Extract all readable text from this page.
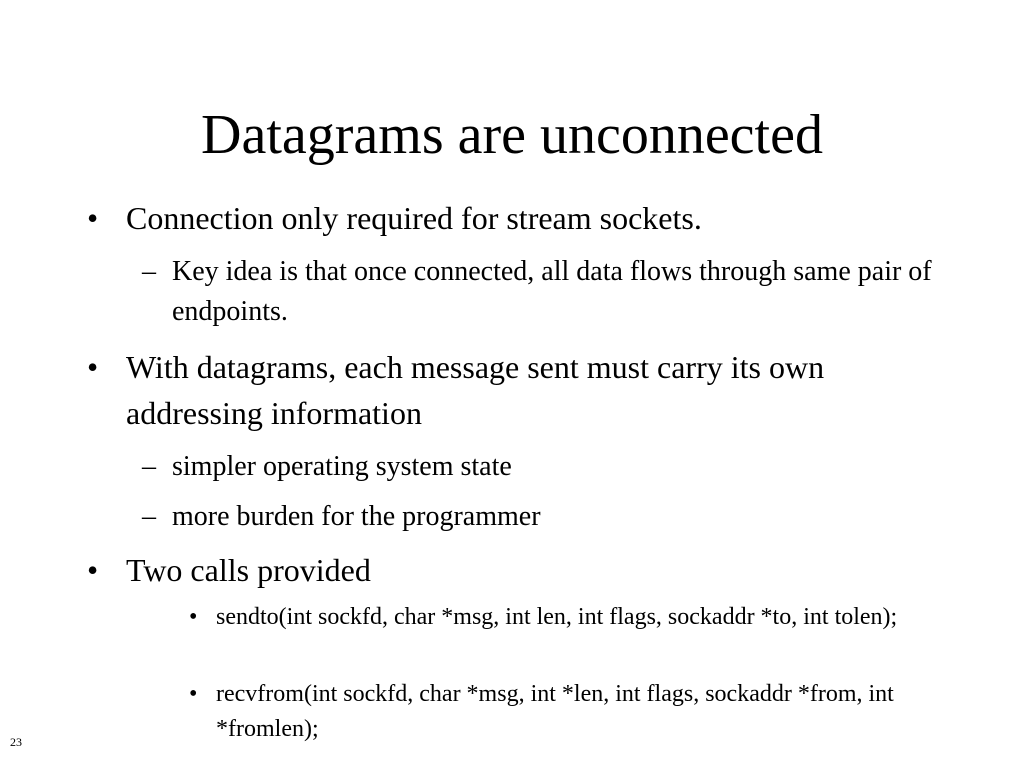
Datagrams are unconnected
• Connection only required for stream sockets.
– Key idea is that once connected, all data flows through same pair of endpoints.
• With datagrams, each message sent must carry its own addressing information
– simpler operating system state
– more burden for the programmer
• Two calls provided
• sendto(int sockfd, char *msg, int len, int flags, sockaddr *to, int tolen);
• recvfrom(int sockfd, char *msg, int *len, int flags, sockaddr *from, int *fromlen);
23
